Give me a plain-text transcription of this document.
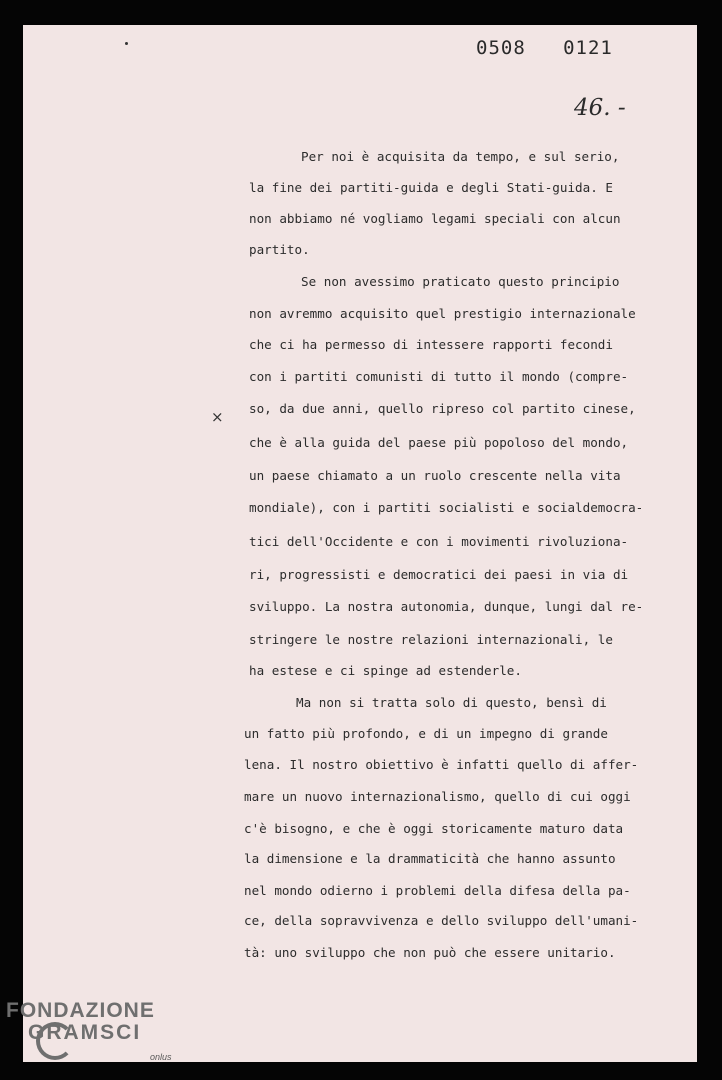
0508   0121
46. -
×
Per noi è acquisita da tempo, e sul serio,
la fine dei partiti-guida e degli Stati-guida. E
non abbiamo né vogliamo legami speciali con alcun
partito.
Se non avessimo praticato questo principio
non avremmo acquisito quel prestigio internazionale
che ci ha permesso di intessere rapporti fecondi
con i partiti comunisti di tutto il mondo (compre-
so, da due anni, quello ripreso col partito cinese,
che è alla guida del paese più popoloso del mondo,
un paese chiamato a un ruolo crescente nella vita
mondiale), con i partiti socialisti e socialdemocra-
tici dell'Occidente e con i movimenti rivoluziona-
ri, progressisti e democratici dei paesi in via di
sviluppo. La nostra autonomia, dunque, lungi dal re-
stringere le nostre relazioni internazionali, le
ha estese e ci spinge ad estenderle.
Ma non si tratta solo di questo, bensì di
un fatto più profondo, e di un impegno di grande
lena. Il nostro obiettivo è infatti quello di affer-
mare un nuovo internazionalismo, quello di cui oggi
c'è bisogno, e che è oggi storicamente maturo data
la dimensione e la drammaticità che hanno assunto
nel mondo odierno i problemi della difesa della pa-
ce, della sopravvivenza e dello sviluppo dell'umani-
tà: uno sviluppo che non può che essere unitario.
FONDAZIONE
GRAMSCI
onlus
